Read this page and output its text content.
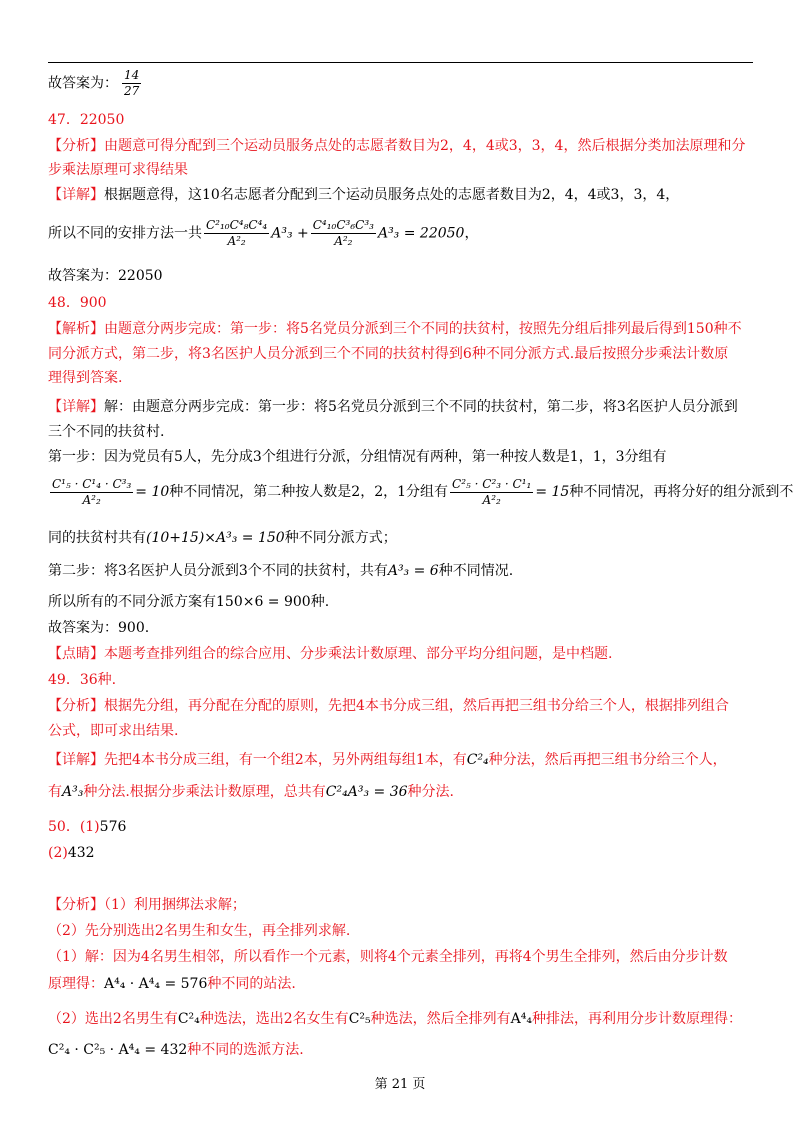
故答案为： $\frac{14}{27}$
47．22050
【分析】由题意可得分配到三个运动员服务点处的志愿者数目为2，4，4或3，3，4，然后根据分类加法原理和分
步乘法原理可求得结果
【详解】根据题意得，这10名志愿者分配到三个运动员服务点处的志愿者数目为2，4，4或3，3，4，
所以不同的安排方法一共 $\frac{\text{C²₁₀C⁴₈C⁴₄}}{\text{A²₂}} A^3_3 + \frac{\text{C⁴₁₀C³₆C³₃}}{\text{A²₂}} A^3_3 = 22050$，
故答案为：22050
48．900
【解析】由题意分两步完成：第一步：将5名党员分派到三个不同的扶贫村，按照先分组后排列最后得到150种不
同分派方式，第二步，将3名医护人员分派到三个不同的扶贫村得到6种不同分派方式.最后按照分步乘法计数原
理得到答案.
【详解】解：由题意分两步完成：第一步：将5名党员分派到三个不同的扶贫村，第二步，将3名医护人员分派到
三个不同的扶贫村.
第一步：因为党员有5人，先分成3个组进行分派，分组情况有两种，第一种按人数是1，1，3分组有
$\frac{\text{C¹₅ · C¹₄ · C³₃}}{\text{A²₂}} = 10$种不同情况，第二种按人数是2，2，1分组有 $\frac{\text{C²₅ · C²₃ · C¹₁}}{\text{A²₂}} = 15$种不同情况，再将分好的组分派到不
同的扶贫村共有(10+15)×A³₃ = 150种不同分派方式；
第二步：将3名医护人员分派到3个不同的扶贫村，共有A³₃ = 6种不同情况.
所以所有的不同分派方案有150×6 = 900种.
故答案为：900.
【点睛】本题考查排列组合的综合应用、分步乘法计数原理、部分平均分组问题，是中档题.
49．36种.
【分析】根据先分组，再分配在分配的原则，先把4本书分成三组，然后再把三组书分给三个人，根据排列组合
公式，即可求出结果.
【详解】先把4本书分成三组，有一个组2本，另外两组每组1本，有C²₄种分法，然后再把三组书分给三个人，
有A³₃种分法.根据分步乘法计数原理，总共有C²₄A³₃ = 36种分法.
50．(1)576
(2)432
【分析】（1）利用捆绑法求解；
（2）先分别选出2名男生和女生，再全排列求解.
（1）解：因为4名男生相邻，所以看作一个元素，则将4个元素全排列，再将4个男生全排列，然后由分步计数
原理得：A⁴₄ · A⁴₄ = 576种不同的站法.
（2）选出2名男生有C²₄种选法，选出2名女生有C²₅种选法，然后全排列有A⁴₄种排法，再利用分步计数原理得：
C²₄ · C²₅ · A⁴₄ = 432种不同的选派方法.
第 21 页
